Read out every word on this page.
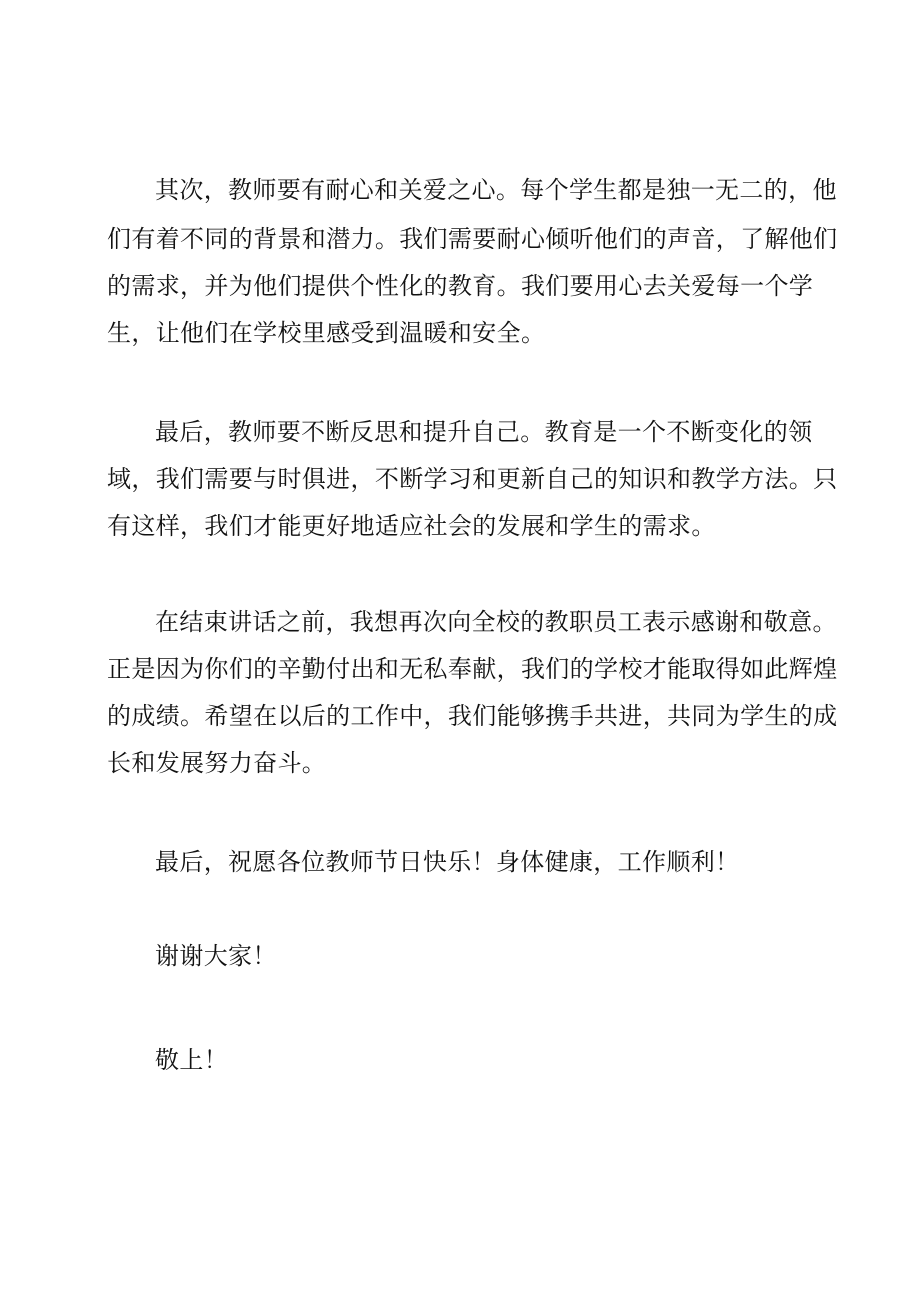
其次，教师要有耐心和关爱之心。每个学生都是独一无二的，他
们有着不同的背景和潜力。我们需要耐心倾听他们的声音，了解他们
的需求，并为他们提供个性化的教育。我们要用心去关爱每一个学
生，让他们在学校里感受到温暖和安全。
最后，教师要不断反思和提升自己。教育是一个不断变化的领
域，我们需要与时俱进，不断学习和更新自己的知识和教学方法。只
有这样，我们才能更好地适应社会的发展和学生的需求。
在结束讲话之前，我想再次向全校的教职员工表示感谢和敬意。
正是因为你们的辛勤付出和无私奉献，我们的学校才能取得如此辉煌
的成绩。希望在以后的工作中，我们能够携手共进，共同为学生的成
长和发展努力奋斗。
最后，祝愿各位教师节日快乐！身体健康，工作顺利！
谢谢大家！
敬上！
